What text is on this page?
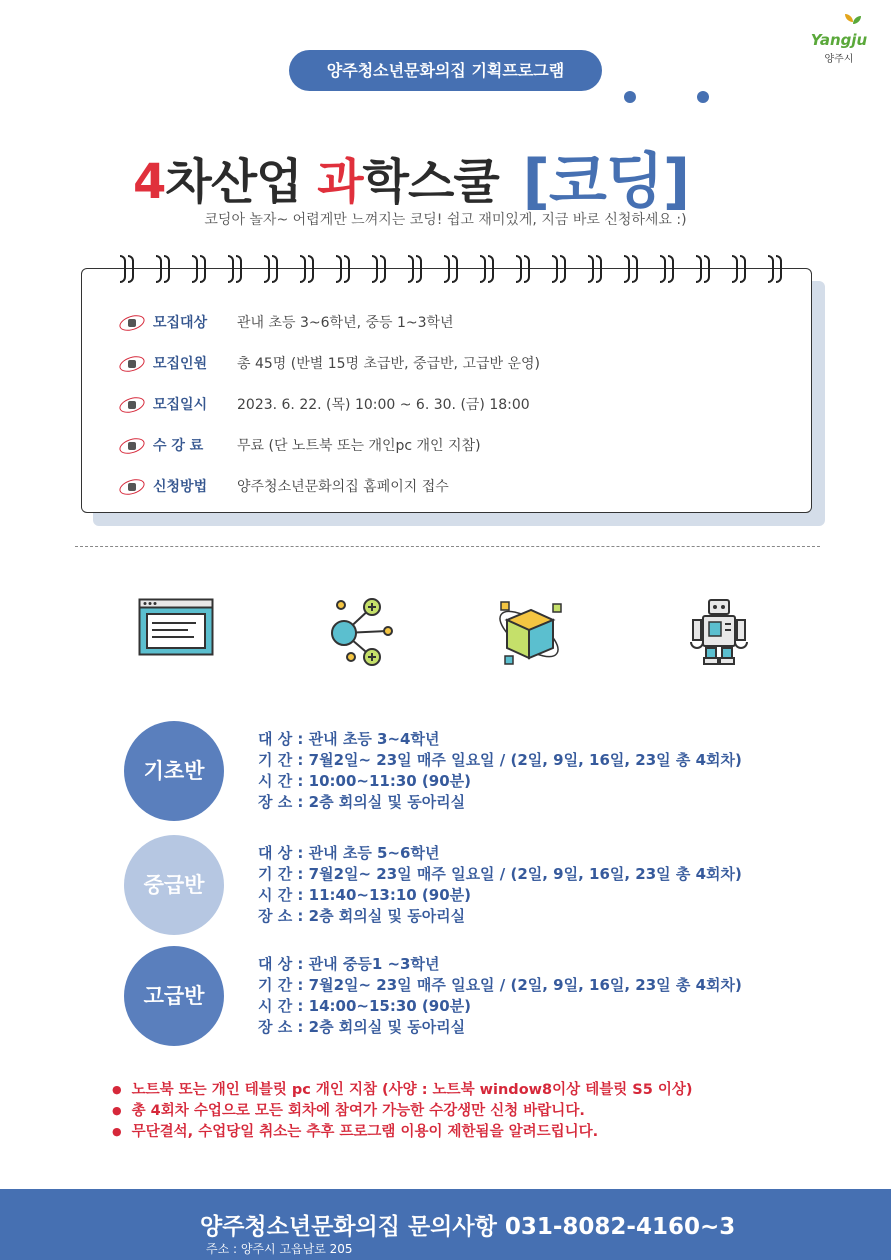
Yangju
양주시
양주청소년문화의집 기획프로그램
4차산업 과학스쿨 [코딩]
코딩아 놀자~ 어렵게만 느껴지는 코딩! 쉽고 재미있게, 지금 바로 신청하세요 :)
모집대상	관내 초등 3~6학년, 중등 1~3학년
모집인원	총 45명 (반별 15명 초급반, 중급반, 고급반 운영)
모집일시	2023. 6. 22. (목) 10:00 ~ 6. 30. (금) 18:00
수 강 료	무료 (단 노트북 또는 개인pc 개인 지참)
신청방법	양주청소년문화의집 홈페이지 접수
기초반
대 상 : 관내 초등 3~4학년
기 간 : 7월2일~ 23일 매주 일요일 / (2일, 9일, 16일, 23일 총 4회차)
시 간 : 10:00~11:30 (90분)
장 소 : 2층 회의실 및 동아리실
중급반
대 상 : 관내 초등 5~6학년
기 간 : 7월2일~ 23일 매주 일요일 / (2일, 9일, 16일, 23일 총 4회차)
시 간 : 11:40~13:10 (90분)
장 소 : 2층 회의실 및 동아리실
고급반
대 상 : 관내 중등1 ~3학년
기 간 : 7월2일~ 23일 매주 일요일 / (2일, 9일, 16일, 23일 총 4회차)
시 간 : 14:00~15:30 (90분)
장 소 : 2층 회의실 및 동아리실
● 노트북 또는 개인 테블릿 pc 개인 지참 (사양 : 노트북 window8이상 테블릿 S5 이상)
● 총 4회차 수업으로 모든 회차에 참여가 가능한 수강생만 신청 바랍니다.
● 무단결석, 수업당일 취소는 추후 프로그램 이용이 제한됨을 알려드립니다.
양주청소년문화의집 문의사항 031-8082-4160~3
주소 : 양주시 고읍남로 205
